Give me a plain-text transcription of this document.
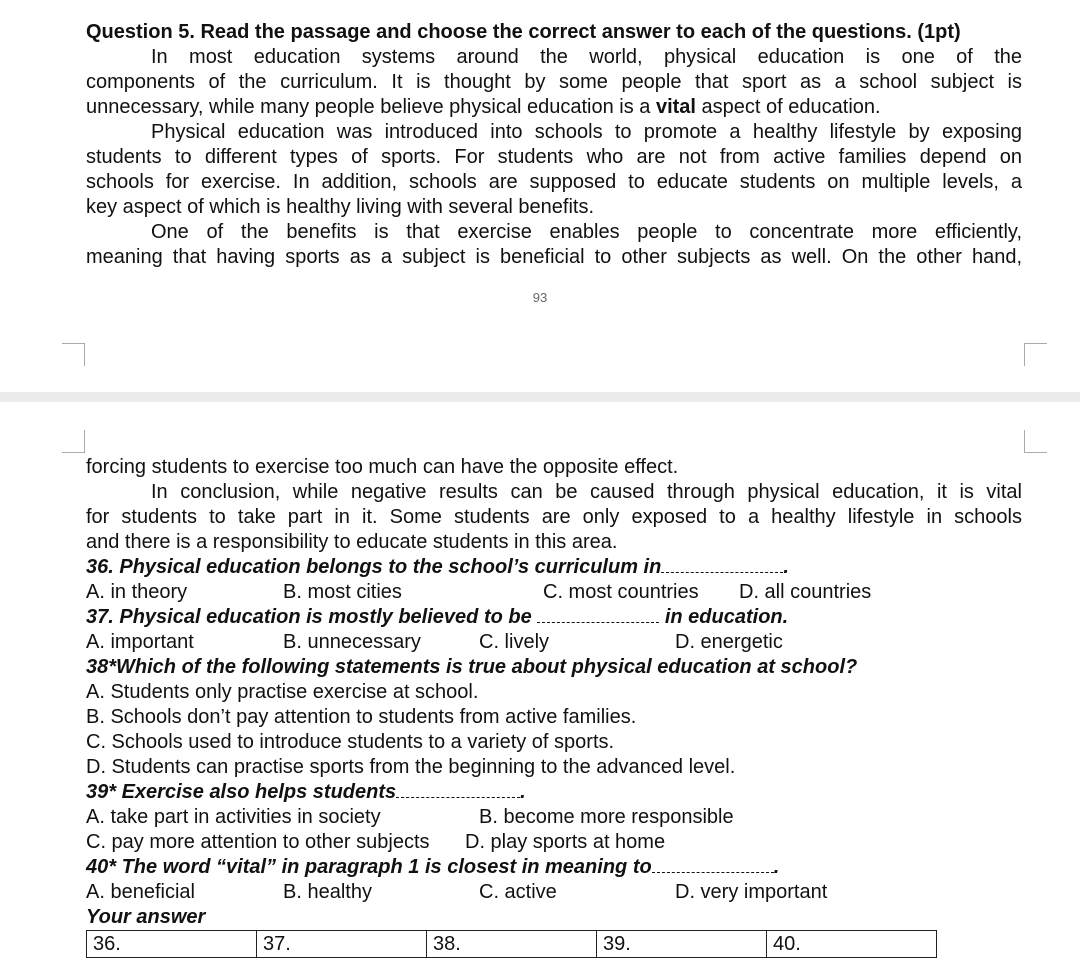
Question 5. Read the passage and choose the correct answer to each of the questions. (1pt)
In most education systems around the world, physical education is one of the
components of the curriculum. It is thought by some people that sport as a school subject is
unnecessary, while many people believe physical education is a vital aspect of education.
Physical education was introduced into schools to promote a healthy lifestyle by exposing
students to different types of sports. For students who are not from active families depend on
schools for exercise. In addition, schools are supposed to educate students on multiple levels, a
key aspect of which is healthy living with several benefits.
One of the benefits is that exercise enables people to concentrate more efficiently,
meaning that having sports as a subject is beneficial to other subjects as well. On the other hand,
93
forcing students to exercise too much can have the opposite effect.
In conclusion, while negative results can be caused through physical education, it is vital
for students to take part in it. Some students are only exposed to a healthy lifestyle in schools
and there is a responsibility to educate students in this area.
36. Physical education belongs to the school’s curriculum in	.
A. in theory	B. most cities	C. most countries D. all countries
37. Physical education is mostly believed to be	in education.
A. important	B. unnecessary	C. lively	D. energetic
38*Which of the following statements is true about physical education at school?
A. Students only practise exercise at school.
B. Schools don’t pay attention to students from active families.
C. Schools used to introduce students to a variety of sports.
D. Students can practise sports from the beginning to the advanced level.
39* Exercise also helps students	.
A. take part in activities in society	B. become more responsible
C. pay more attention to other subjects D. play sports at home
40* The word “vital” in paragraph 1 is closest in meaning to	.
A. beneficial	B. healthy	C. active	D. very important
Your answer
36.	37.	38.	39.	40.
